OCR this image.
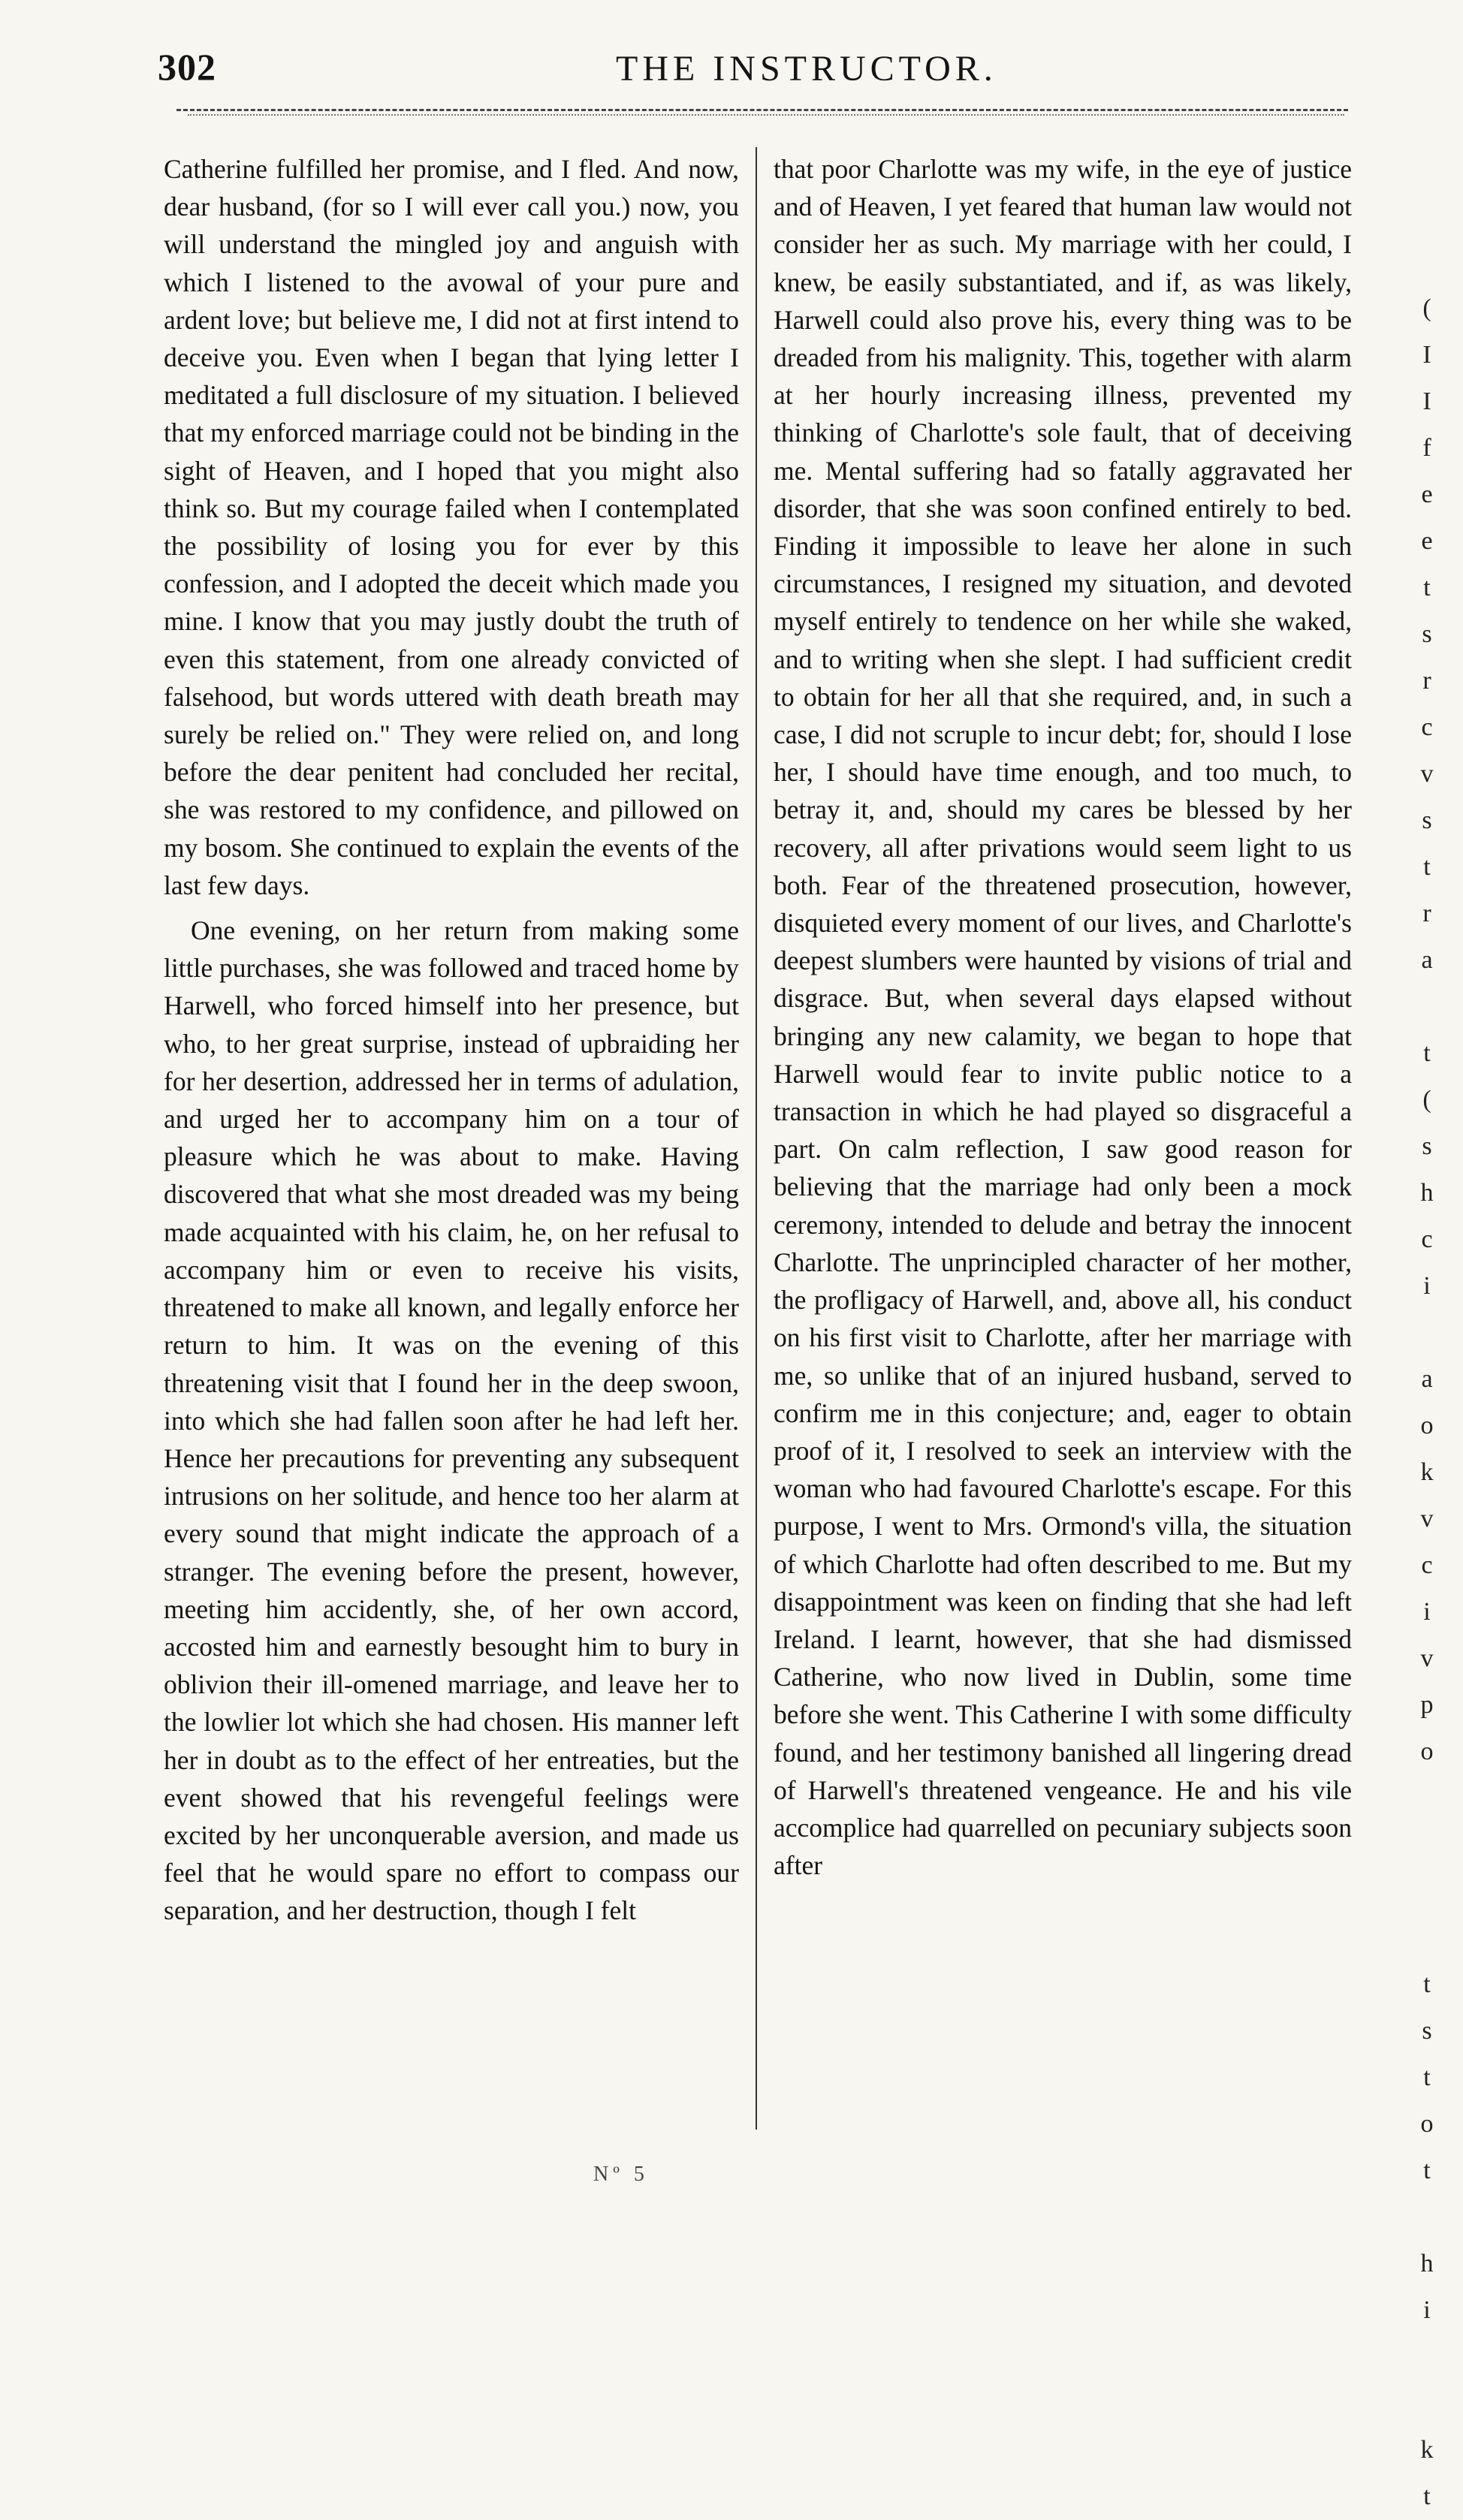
302	THE INSTRUCTOR.

Catherine fulfilled her promise, and I fled. And now, dear husband, (for so I will ever call you.) now, you will understand the mingled joy and anguish with which I listened to the avowal of your pure and ardent love; but believe me, I did not at first intend to deceive you. Even when I began that lying letter I meditated a full disclosure of my situation. I believed that my enforced marriage could not be binding in the sight of Heaven, and I hoped that you might also think so. But my courage failed when I contemplated the possibility of losing you for ever by this confession, and I adopted the deceit which made you mine. I know that you may justly doubt the truth of even this statement, from one already convicted of falsehood, but words uttered with death breath may surely be relied on." They were relied on, and long before the dear penitent had concluded her recital, she was restored to my confidence, and pillowed on my bosom. She continued to explain the events of the last few days.

One evening, on her return from making some little purchases, she was followed and traced home by Harwell, who forced himself into her presence, but who, to her great surprise, instead of upbraiding her for her desertion, addressed her in terms of adulation, and urged her to accompany him on a tour of pleasure which he was about to make. Having discovered that what she most dreaded was my being made acquainted with his claim, he, on her refusal to accompany him or even to receive his visits, threatened to make all known, and legally enforce her return to him. It was on the evening of this threatening visit that I found her in the deep swoon, into which she had fallen soon after he had left her. Hence her precautions for preventing any subsequent intrusions on her solitude, and hence too her alarm at every sound that might indicate the approach of a stranger. The evening before the present, however, meeting him accidently, she, of her own accord, accosted him and earnestly besought him to bury in oblivion their ill-omened marriage, and leave her to the lowlier lot which she had chosen. His manner left her in doubt as to the effect of her entreaties, but the event showed that his revengeful feelings were excited by her unconquerable aversion, and made us feel that he would spare no effort to compass our separation, and her destruction, though I felt

that poor Charlotte was my wife, in the eye of justice and of Heaven, I yet feared that human law would not consider her as such. My marriage with her could, I knew, be easily substantiated, and if, as was likely, Harwell could also prove his, every thing was to be dreaded from his malignity. This, together with alarm at her hourly increasing illness, prevented my thinking of Charlotte's sole fault, that of deceiving me. Mental suffering had so fatally aggravated her disorder, that she was soon confined entirely to bed. Finding it impossible to leave her alone in such circumstances, I resigned my situation, and devoted myself entirely to tendence on her while she waked, and to writing when she slept. I had sufficient credit to obtain for her all that she required, and, in such a case, I did not scruple to incur debt; for, should I lose her, I should have time enough, and too much, to betray it, and, should my cares be blessed by her recovery, all after privations would seem light to us both. Fear of the threatened prosecution, however, disquieted every moment of our lives, and Charlotte's deepest slumbers were haunted by visions of trial and disgrace. But, when several days elapsed without bringing any new calamity, we began to hope that Harwell would fear to invite public notice to a transaction in which he had played so disgraceful a part. On calm reflection, I saw good reason for believing that the marriage had only been a mock ceremony, intended to delude and betray the innocent Charlotte. The unprincipled character of her mother, the profligacy of Harwell, and, above all, his conduct on his first visit to Charlotte, after her marriage with me, so unlike that of an injured husband, served to confirm me in this conjecture; and, eager to obtain proof of it, I resolved to seek an interview with the woman who had favoured Charlotte's escape. For this purpose, I went to Mrs. Ormond's villa, the situation of which Charlotte had often described to me. But my disappointment was keen on finding that she had left Ireland. I learnt, however, that she had dismissed Catherine, who now lived in Dublin, some time before she went. This Catherine I with some difficulty found, and her testimony banished all lingering dread of Harwell's threatened vengeance. He and his vile accomplice had quarrelled on pecuniary subjects soon after

(
I
I
f
e
e
t
s
r
c
v
s
t
r
a
t
(
s
h
c
i
a
o
k
v
c
i
v
p
o
t
s
t
o
t
h
i
k
t
Nº 5
